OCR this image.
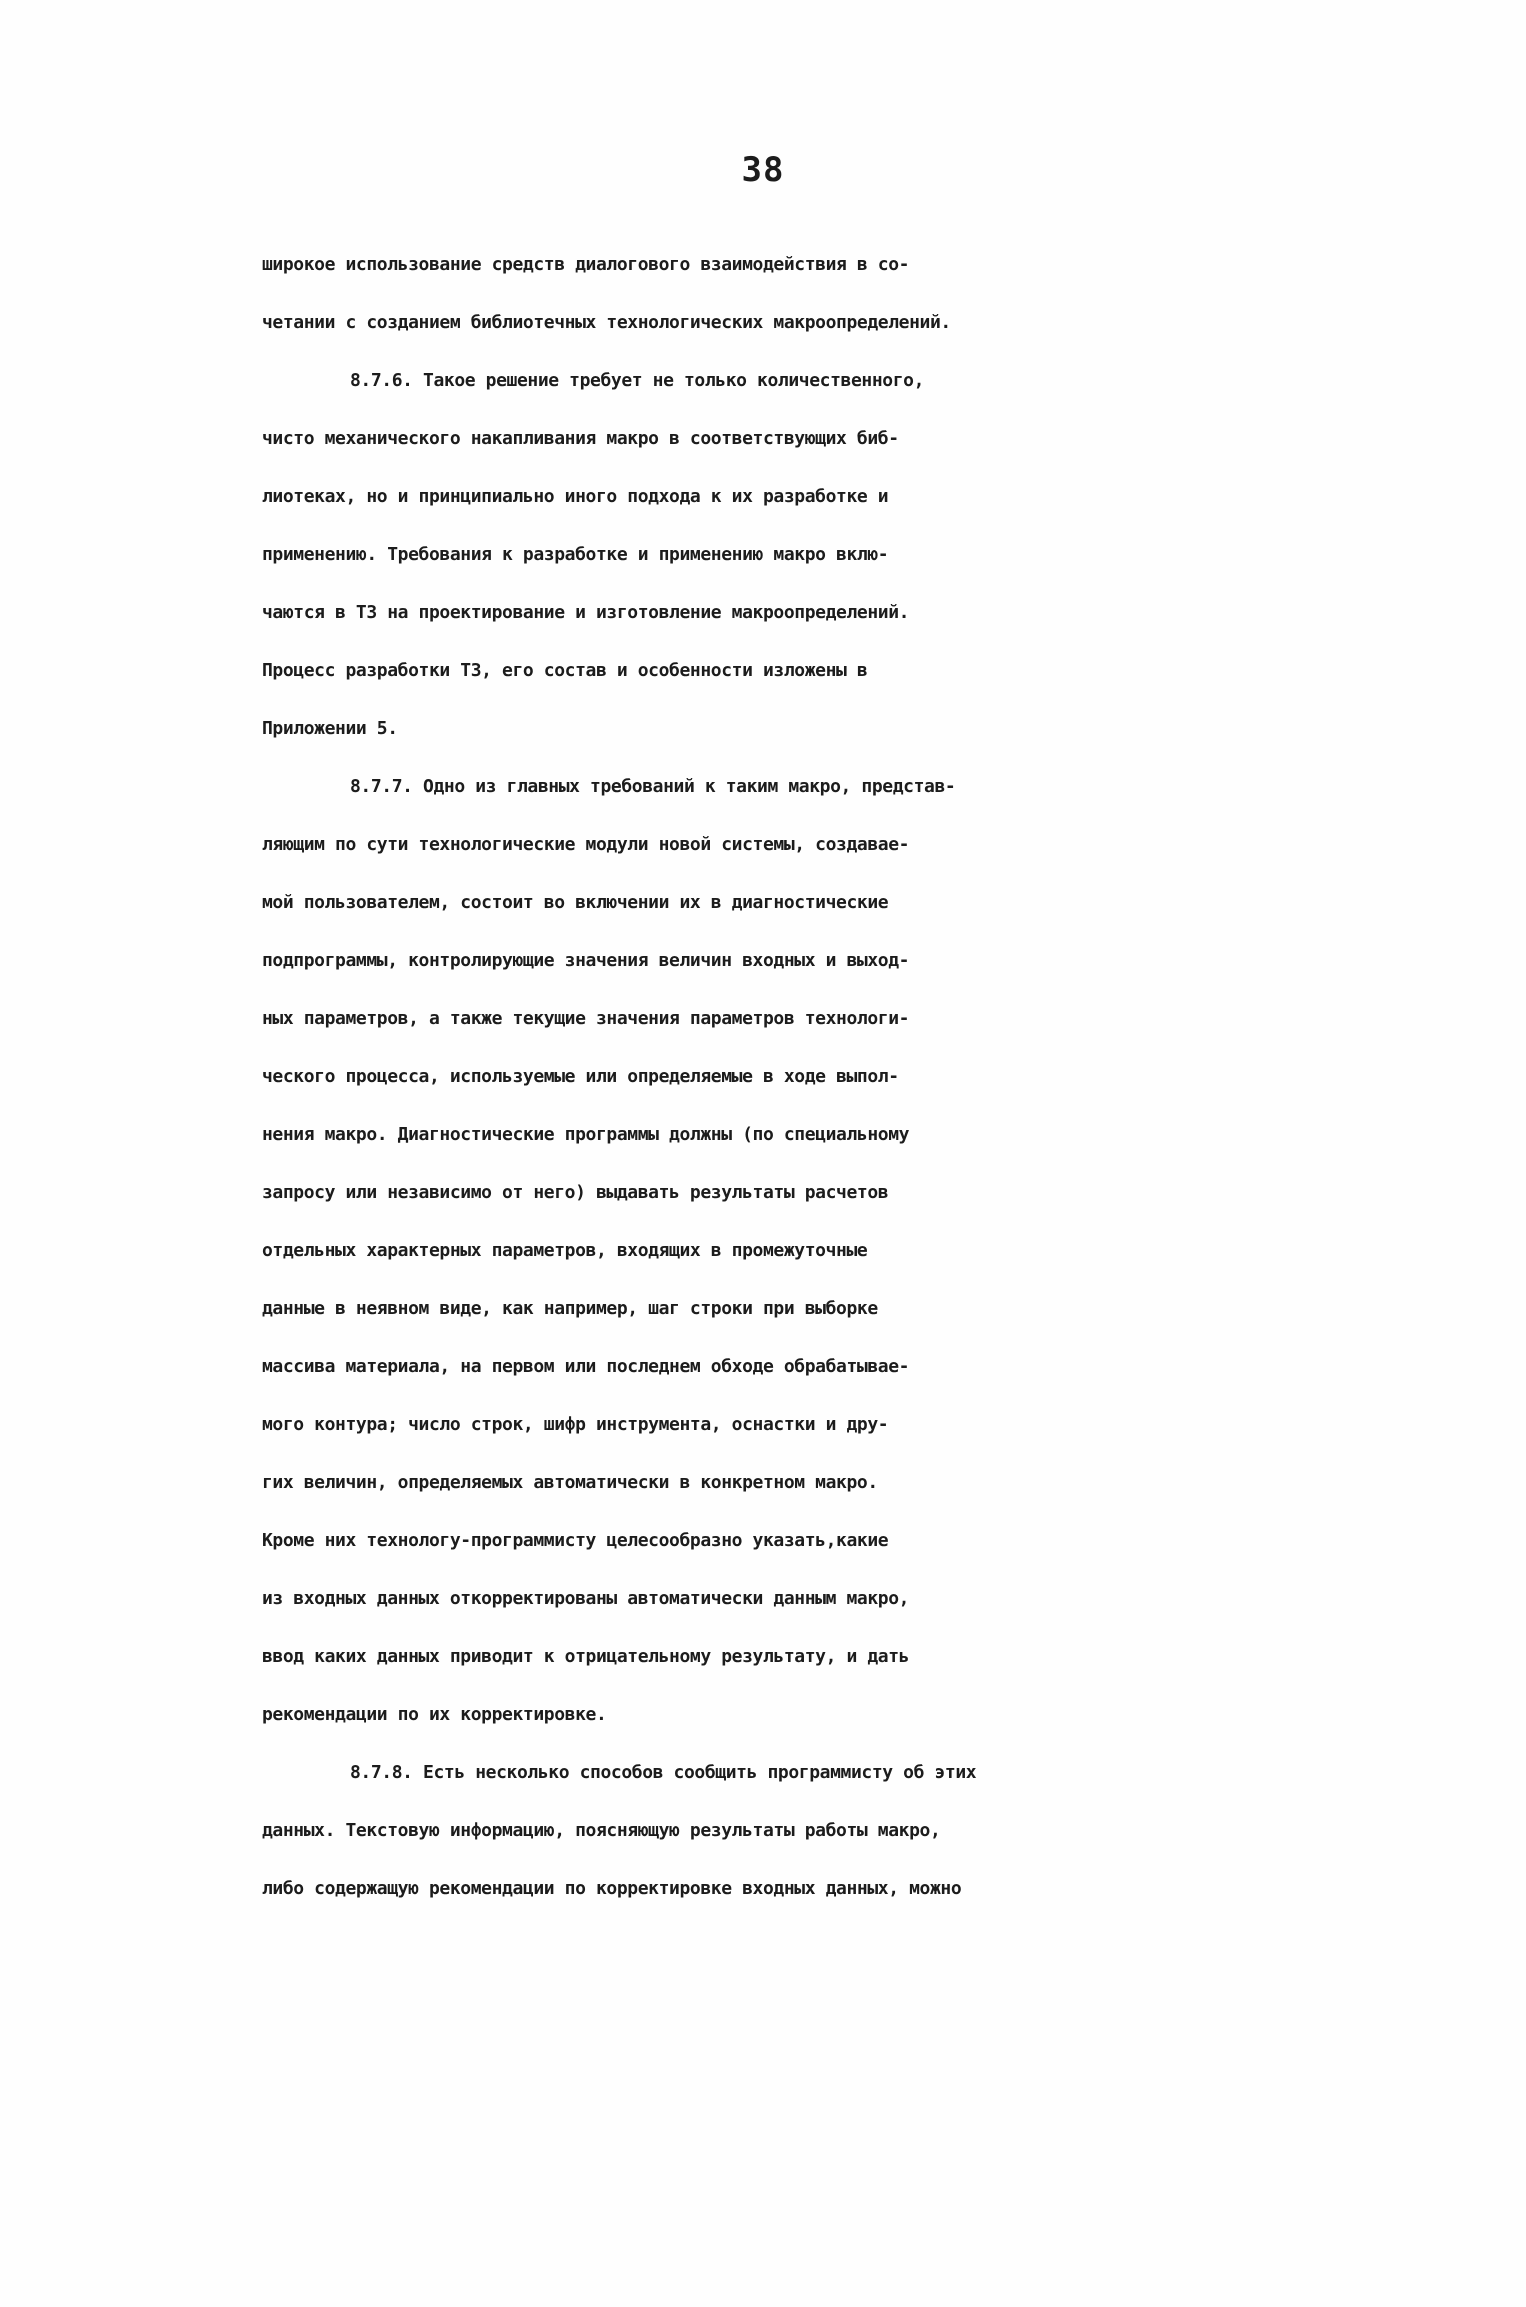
38
широкое использование средств диалогового взаимодействия в со-
четании с созданием библиотечных технологических макроопределений.
8.7.6. Такое решение требует не только количественного,
чисто механического накапливания макро в соответствующих биб-
лиотеках, но и принципиально иного подхода к их разработке и
применению. Требования к разработке и применению макро вклю-
чаются в ТЗ на проектирование и изготовление макроопределений.
Процесс разработки ТЗ, его состав и особенности изложены в
Приложении 5.
8.7.7. Одно из главных требований к таким макро, представ-
ляющим по сути технологические модули новой системы, создавае-
мой пользователем, состоит во включении их в диагностические
подпрограммы, контролирующие значения величин входных и выход-
ных параметров, а также текущие значения параметров технологи-
ческого процесса, используемые или определяемые в ходе выпол-
нения макро. Диагностические программы должны (по специальному
запросу или независимо от него) выдавать результаты расчетов
отдельных характерных параметров, входящих в промежуточные
данные в неявном виде, как например, шаг строки при выборке
массива материала, на первом или последнем обходе обрабатывае-
мого контура; число строк, шифр инструмента, оснастки и дру-
гих величин, определяемых автоматически в конкретном макро.
Кроме них технологу-программисту целесообразно указать,какие
из входных данных откорректированы автоматически данным макро,
ввод каких данных приводит к отрицательному результату, и дать
рекомендации по их корректировке.
8.7.8. Есть несколько способов сообщить программисту об этих
данных. Текстовую информацию, поясняющую результаты работы макро,
либо содержащую рекомендации по корректировке входных данных, можно
